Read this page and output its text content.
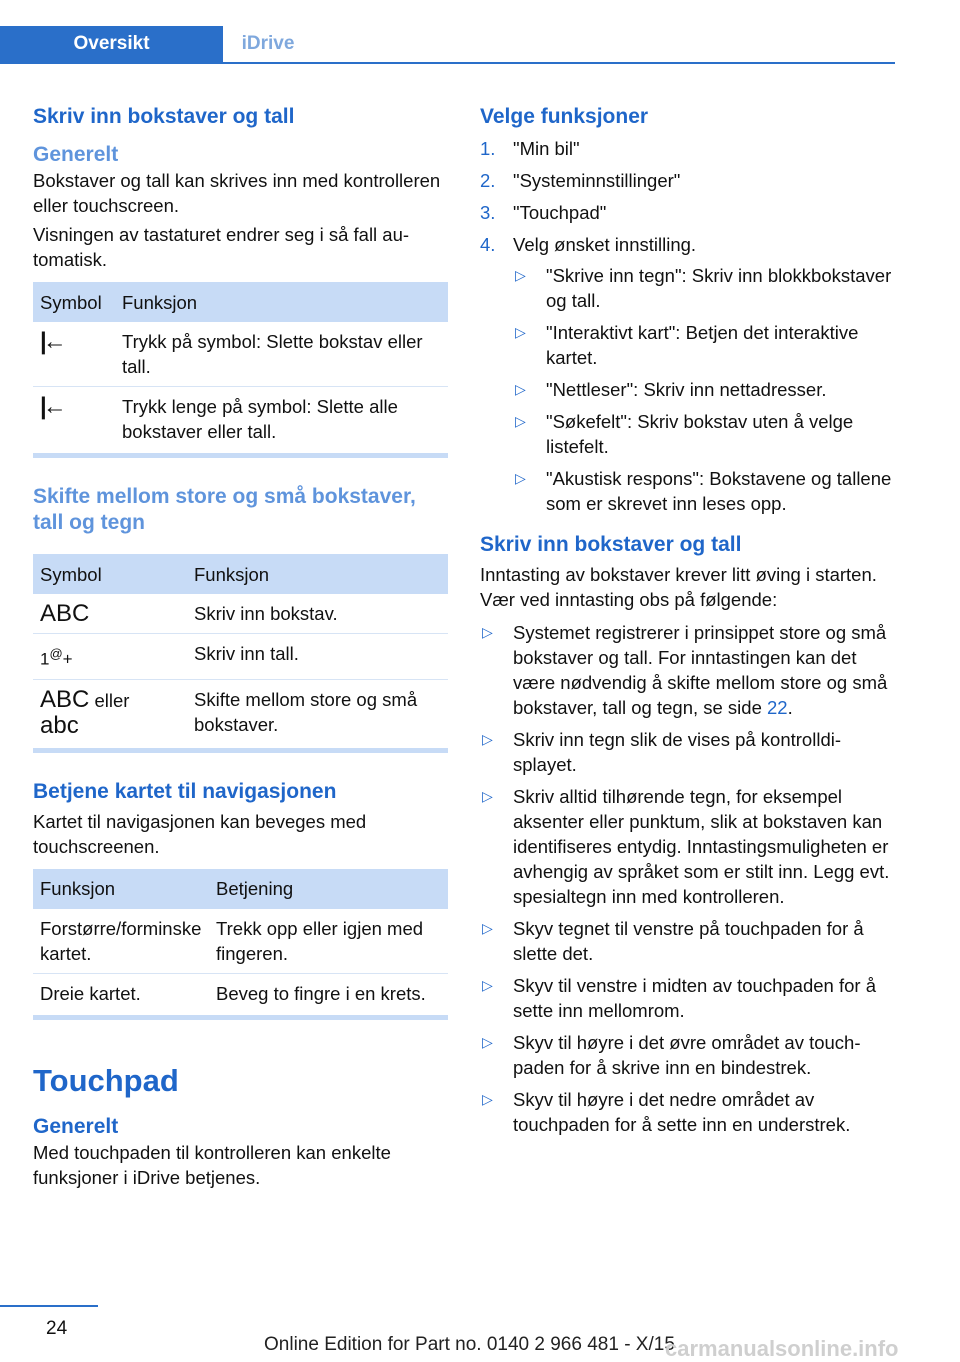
Oversikt	iDrive
Skriv inn bokstaver og tall
Generelt

Bokstaver og tall kan skrives inn med kontrolleren eller touchscreen.

Visningen av tastaturet endrer seg i så fall automatisk.

Symbol	Funksjon
|←	Trykk på symbol: Slette bokstav eller tall.
|←	Trykk lenge på symbol: Slette alle bokstaver eller tall.
Skifte mellom store og små bokstaver, tall og tegn
Symbol	Funksjon
ABC	Skriv inn bokstav.
1@+	Skriv inn tall.
ABC eller
abc	Skifte mellom store og små bokstaver.
Betjene kartet til navigasjonen

Kartet til navigasjonen kan beveges med touchscreenen.

Funksjon	Betjening
Forstørre/forminske kartet.	Trekk opp eller igjen med fingeren.
Dreie kartet.	Beveg to fingre i en krets.
Touchpad
Generelt

Med touchpaden til kontrolleren kan enkelte funksjoner i iDrive betjenes.

Velge funksjoner
1. "Min bil"
2. "Systeminnstillinger"
3. "Touchpad"
4. Velg ønsket innstilling.
▷ "Skrive inn tegn": Skriv inn blokkbokstaver og tall.
▷ "Interaktivt kart": Betjen det interaktive kartet.
▷ "Nettleser": Skriv inn nettadresser.
▷ "Søkefelt": Skriv bokstav uten å velge listefelt.
▷ "Akustisk respons": Bokstavene og tallene som er skrevet inn leses opp.
Skriv inn bokstaver og tall

Inntasting av bokstaver krever litt øving i starten. Vær ved inntasting obs på følgende:

▷ Systemet registrerer i prinsippet store og små bokstaver og tall. For inntastingen kan det være nødvendig å skifte mellom store og små bokstaver, tall og tegn, se side 22.
▷ Skriv inn tegn slik de vises på kontrolldisplayet.
▷ Skriv alltid tilhørende tegn, for eksempel aksenter eller punktum, slik at bokstaven kan identifiseres entydig. Inntastingsmuligheten er avhengig av språket som er stilt inn. Legg evt. spesialtegn inn med kontrolleren.
▷ Skyv tegnet til venstre på touchpaden for å slette det.
▷ Skyv til venstre i midten av touchpaden for å sette inn mellomrom.
▷ Skyv til høyre i det øvre området av touchpaden for å skrive inn en bindestrek.
▷ Skyv til høyre i det nedre området av touchpaden for å sette inn en understrek.
24
Online Edition for Part no. 0140 2 966 481 - X/15
carmanualsonline.info
